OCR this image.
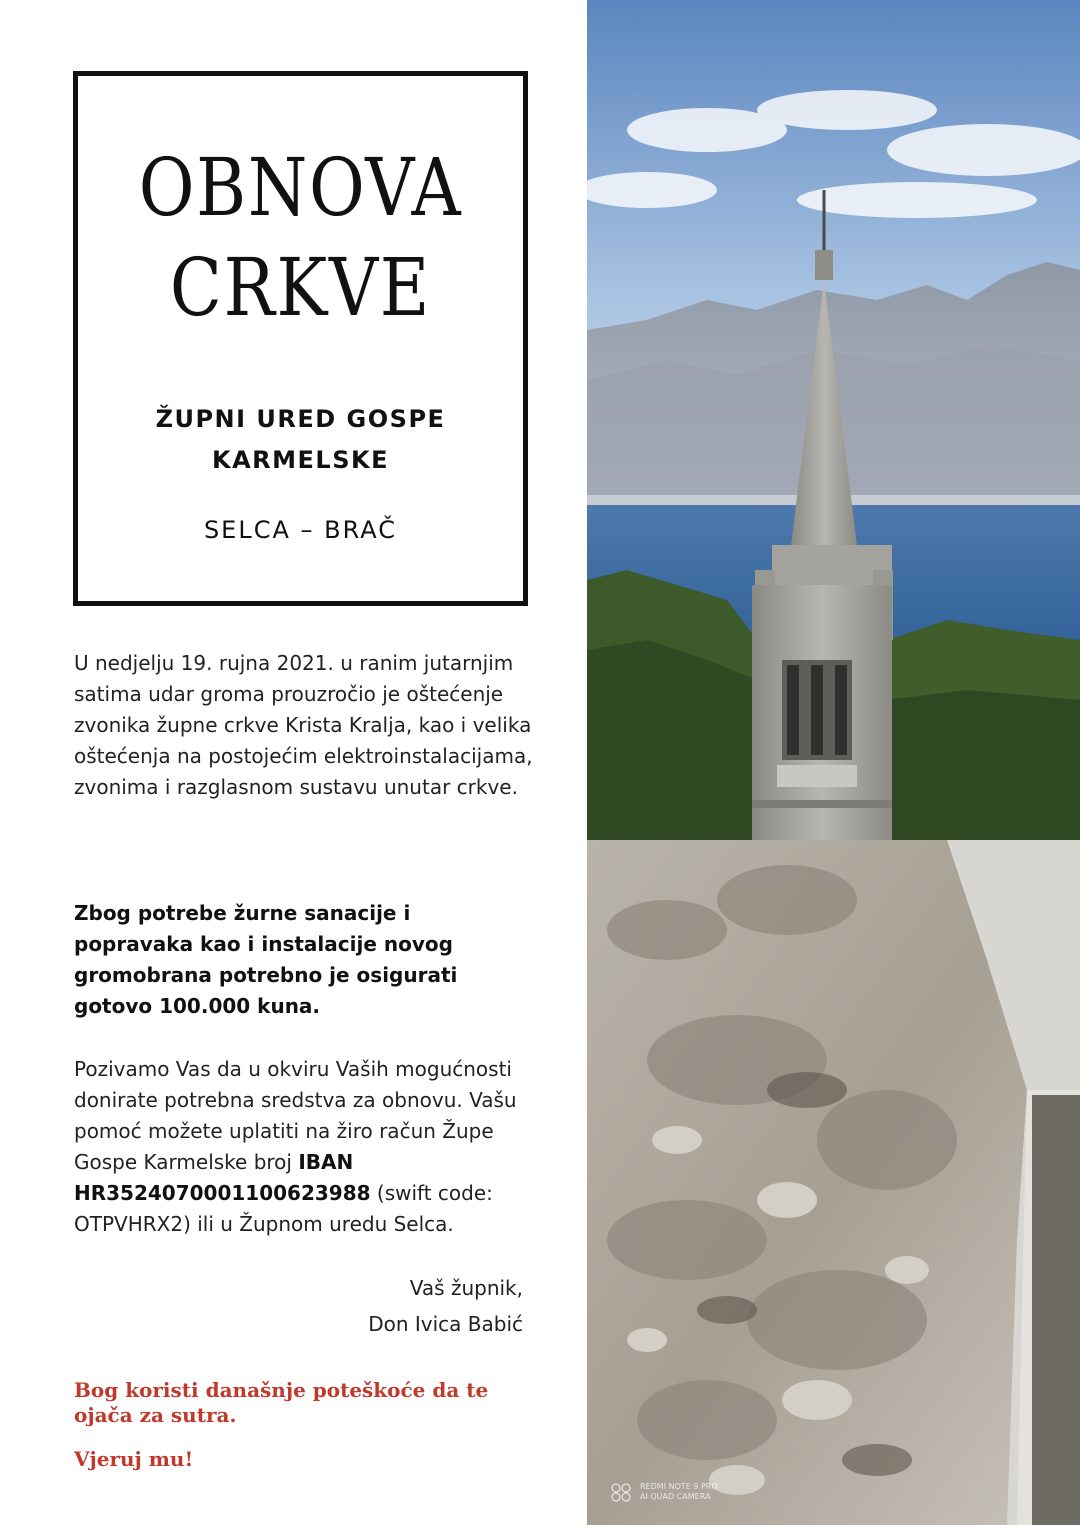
OBNOVA
CRKVE
ŽUPNI URED GOSPE KARMELSKE
SELCA – BRAČ
U nedjelju 19. rujna 2021. u ranim jutarnjim satima udar groma prouzročio je oštećenje zvonika župne crkve Krista Kralja, kao i velika oštećenja na postojećim elektroinstalacijama, zvonima i razglasnom sustavu unutar crkve.
Zbog potrebe žurne sanacije i popravaka kao i instalacije novog gromobrana potrebno je osigurati gotovo 100.000 kuna.
Pozivamo Vas da u okviru Vaših mogućnosti donirate potrebna sredstva za obnovu. Vašu pomoć možete uplatiti na žiro račun Župe Gospe Karmelske broj IBAN HR3524070001100623988 (swift code: OTPVHRX2) ili u Župnom uredu Selca.
Vaš župnik,
Don Ivica Babić
Bog koristi današnje poteškoće da te ojača za sutra.
Vjeruj mu!
REDMI NOTE 9 PRO
AI QUAD CAMERA
